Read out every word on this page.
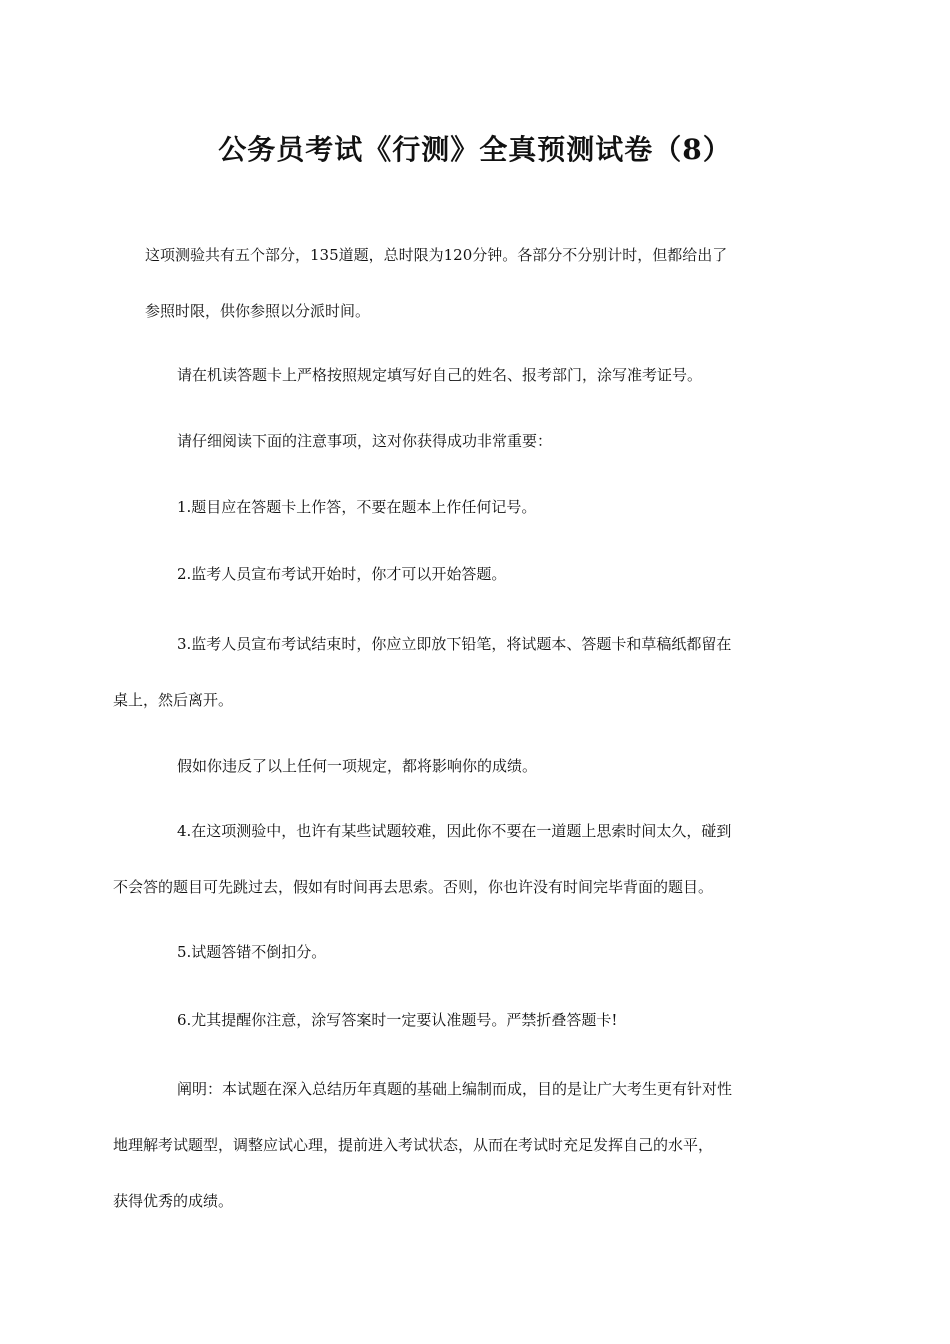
公务员考试《行测》全真预测试卷（8）

这项测验共有五个部分，135道题，总时限为120分钟。各部分不分别计时，但都给出了
参照时限，供你参照以分派时间。

请在机读答题卡上严格按照规定填写好自己的姓名、报考部门，涂写准考证号。

请仔细阅读下面的注意事项，这对你获得成功非常重要：

1.题目应在答题卡上作答，不要在题本上作任何记号。

2.监考人员宣布考试开始时，你才可以开始答题。

3.监考人员宣布考试结束时，你应立即放下铅笔，将试题本、答题卡和草稿纸都留在
桌上，然后离开。

假如你违反了以上任何一项规定，都将影响你的成绩。

4.在这项测验中，也许有某些试题较难，因此你不要在一道题上思索时间太久，碰到
不会答的题目可先跳过去，假如有时间再去思索。否则，你也许没有时间完毕背面的题目。

5.试题答错不倒扣分。

6.尤其提醒你注意，涂写答案时一定要认准题号。严禁折叠答题卡!

阐明：本试题在深入总结历年真题的基础上编制而成，目的是让广大考生更有针对性
地理解考试题型，调整应试心理，提前进入考试状态，从而在考试时充足发挥自己的水平，
获得优秀的成绩。
